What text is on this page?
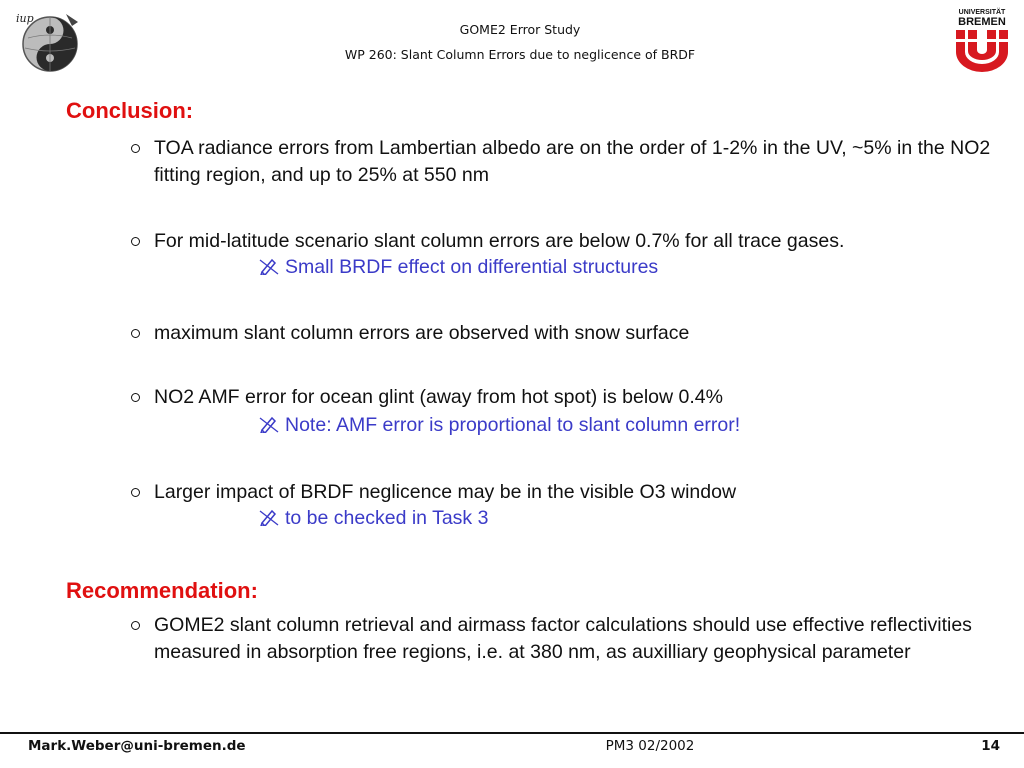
iup
GOME2 Error Study
WP 260: Slant Column Errors due to neglicence of BRDF
UNIVERSITÄT
BREMEN
Conclusion:
TOA radiance errors from Lambertian albedo are on the order of 1-2% in the UV, ~5% in the NO2 fitting region, and up to 25% at 550 nm
For mid-latitude scenario slant column errors are below 0.7% for all trace gases.
Small BRDF effect on differential structures
maximum slant column errors are observed with snow surface
NO2 AMF error for ocean glint (away from hot spot) is below 0.4%
Note: AMF error is proportional to slant column error!
Larger impact of BRDF neglicence may be in the visible O3 window
to be checked in Task 3
Recommendation:
GOME2 slant column retrieval and airmass factor calculations should use effective reflectivities measured in absorption free regions, i.e. at 380 nm, as auxilliary geophysical parameter
Mark.Weber@uni-bremen.de	PM3 02/2002	14
